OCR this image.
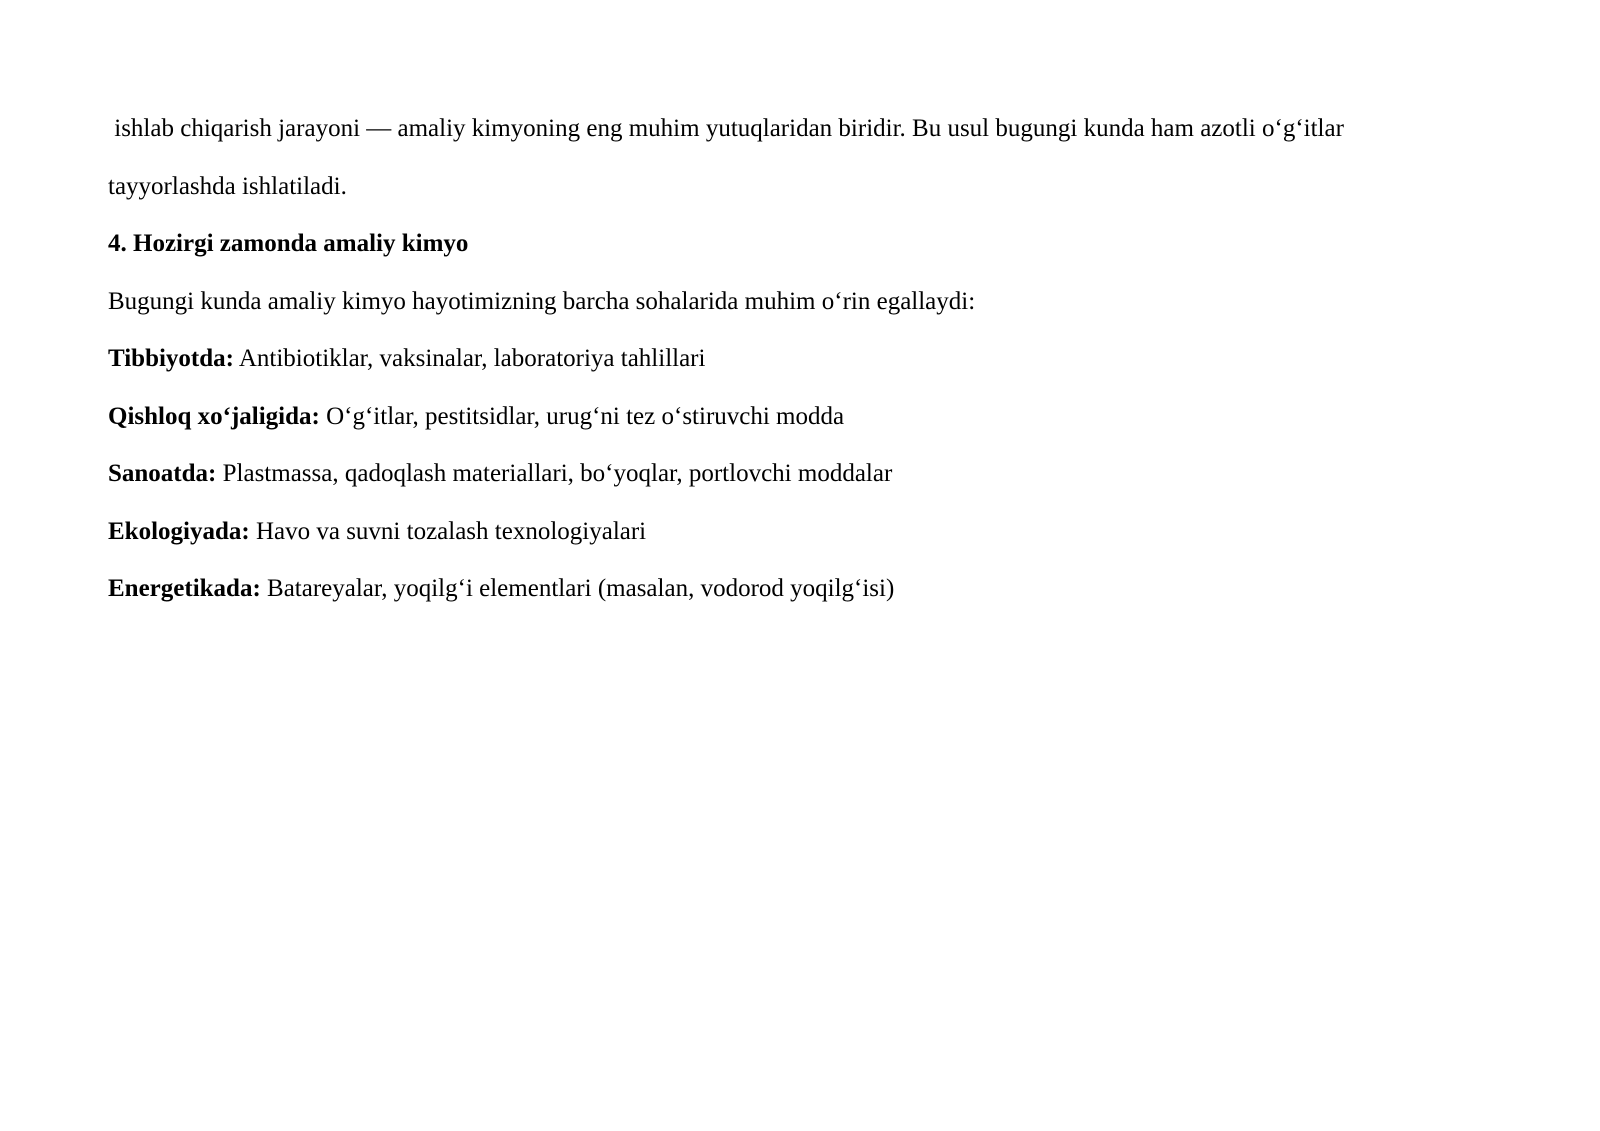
ishlab chiqarish jarayoni — amaliy kimyoning eng muhim yutuqlaridan biridir. Bu usul bugungi kunda ham azotli o‘g‘itlar
tayyorlashda ishlatiladi.
4. Hozirgi zamonda amaliy kimyo
Bugungi kunda amaliy kimyo hayotimizning barcha sohalarida muhim o‘rin egallaydi:
Tibbiyotda: Antibiotiklar, vaksinalar, laboratoriya tahlillari
Qishloq xo‘jaligida: O‘g‘itlar, pestitsidlar, urug‘ni tez o‘stiruvchi modda
Sanoatda: Plastmassa, qadoqlash materiallari, bo‘yoqlar, portlovchi moddalar
Ekologiyada: Havo va suvni tozalash texnologiyalari
Energetikada: Batareyalar, yoqilg‘i elementlari (masalan, vodorod yoqilg‘isi)
